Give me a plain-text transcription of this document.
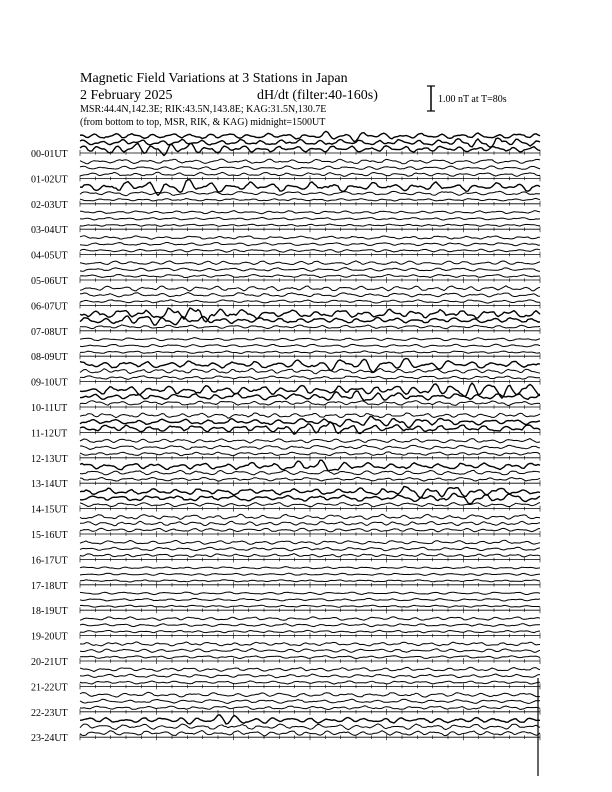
Magnetic Field Variations at 3 Stations in Japan
2 February 2025	dH/dt (filter:40-160s)
MSR:44.4N,142.3E; RIK:43.5N,143.8E; KAG:31.5N,130.7E
(from bottom to top, MSR, RIK, & KAG) midnight=1500UT
1.00 nT at T=80s
00-01UT
01-02UT
02-03UT
03-04UT
04-05UT
05-06UT
06-07UT
07-08UT
08-09UT
09-10UT
10-11UT
11-12UT
12-13UT
13-14UT
14-15UT
15-16UT
16-17UT
17-18UT
18-19UT
19-20UT
20-21UT
21-22UT
22-23UT
23-24UT
